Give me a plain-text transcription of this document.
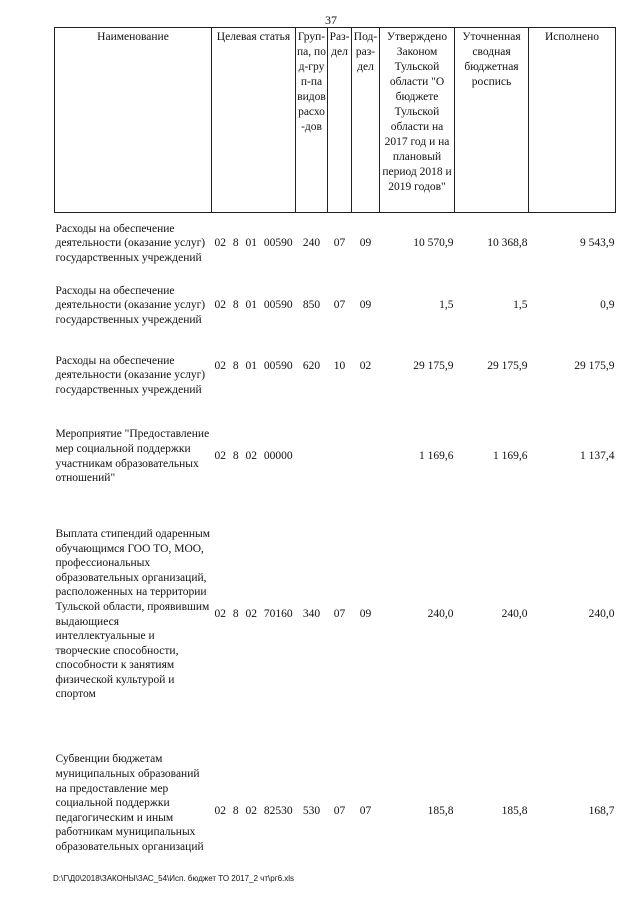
37
Наименование	Целевая статья	Груп-па, под-груп-па видов расхо-дов	Раз-дел	Под-раз-дел	Утверждено Законом Тульской области "О бюджете Тульской области на 2017 год и на плановый период 2018 и 2019 годов"	Уточненная сводная бюджетная роспись	Исполнено
Расходы на обеспечение деятельности (оказание услуг) государственных учреждений	02 8 01 00590	240	07	09	10 570,9	10 368,8	9 543,9
Расходы на обеспечение деятельности (оказание услуг) государственных учреждений	02 8 01 00590	850	07	09	1,5	1,5	0,9
Расходы на обеспечение деятельности (оказание услуг) государственных учреждений	02 8 01 00590	620	10	02	29 175,9	29 175,9	29 175,9
Мероприятие "Предоставление мер социальной поддержки участникам образовательных отношений"	02 8 02 00000				1 169,6	1 169,6	1 137,4
Выплата стипендий одаренным обучающимся ГОО ТО, МОО, профессиональных образовательных организаций, расположенных на территории Тульской области, проявившим выдающиеся интеллектуальные и творческие способности, способности к занятиям физической культурой и спортом	02 8 02 70160	340	07	09	240,0	240,0	240,0
Субвенции бюджетам муниципальных образований на предоставление мер социальной поддержки педагогическим и иным работникам муниципальных образовательных организаций	02 8 02 82530	530	07	07	185,8	185,8	168,7
D:\Г\Д0\2018\ЗАКОНЫ\ЗАС_54\Исп. бюджет ТО 2017_2 чт\рг6.xls
